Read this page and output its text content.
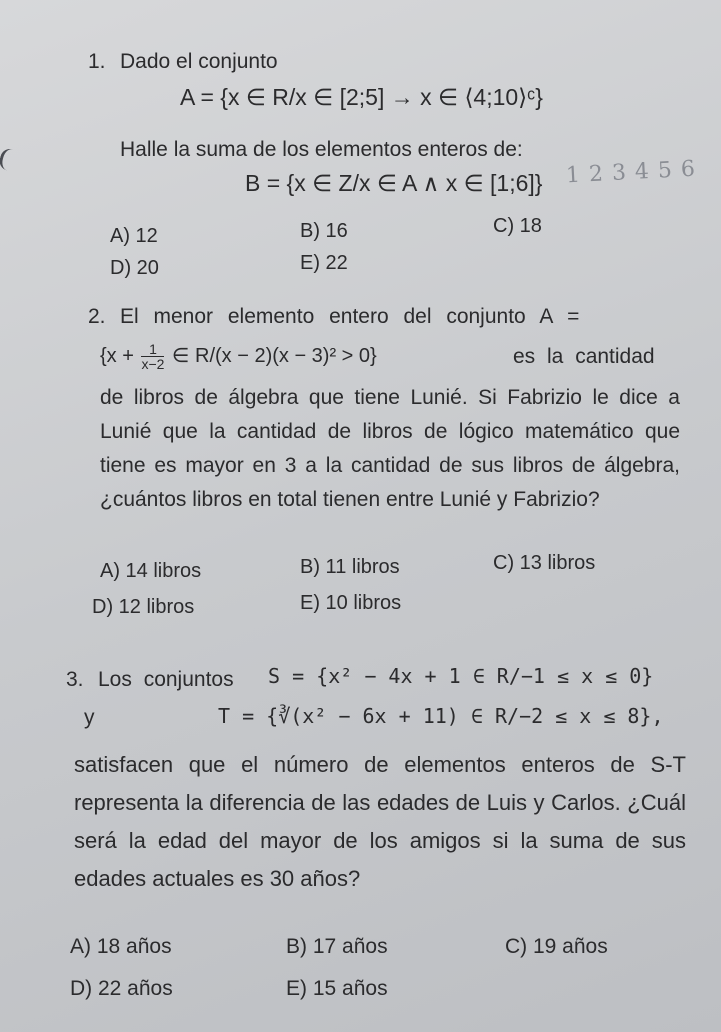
1. Dado el conjunto
A = {x ∈ R/x ∈ [2;5] → x ∈ ⟨4;10⟩ᶜ}
Halle la suma de los elementos enteros de:
B = {x ∈ Z/x ∈ A ∧ x ∈ [1;6]} 1 2 3 4 5 6
A) 12	B) 16	C) 18
D) 20	E) 22
2. El menor elemento entero del conjunto A =
{$x + \frac{1}{x-2}$ ∈ R/(x − 2)(x − 3)² > 0}	es la cantidad
de libros de álgebra que tiene Lunié. Si Fabrizio le dice a Lunié que la cantidad de libros de lógico matemático que tiene es mayor en 3 a la cantidad de sus libros de álgebra, ¿cuántos libros en total tienen entre Lunié y Fabrizio?
A) 14 libros	B) 11 libros	C) 13 libros
D) 12 libros	E) 10 libros
3. Los conjuntos S = {x² − 4x + 1 ∈ R/−1 ≤ x ≤ 0}
y	T = {∛(x² − 6x + 11) ∈ R/−2 ≤ x ≤ 8},
satisfacen que el número de elementos enteros de S-T representa la diferencia de las edades de Luis y Carlos. ¿Cuál será la edad del mayor de los amigos si la suma de sus edades actuales es 30 años?
A) 18 años	B) 17 años	C) 19 años
D) 22 años	E) 15 años
